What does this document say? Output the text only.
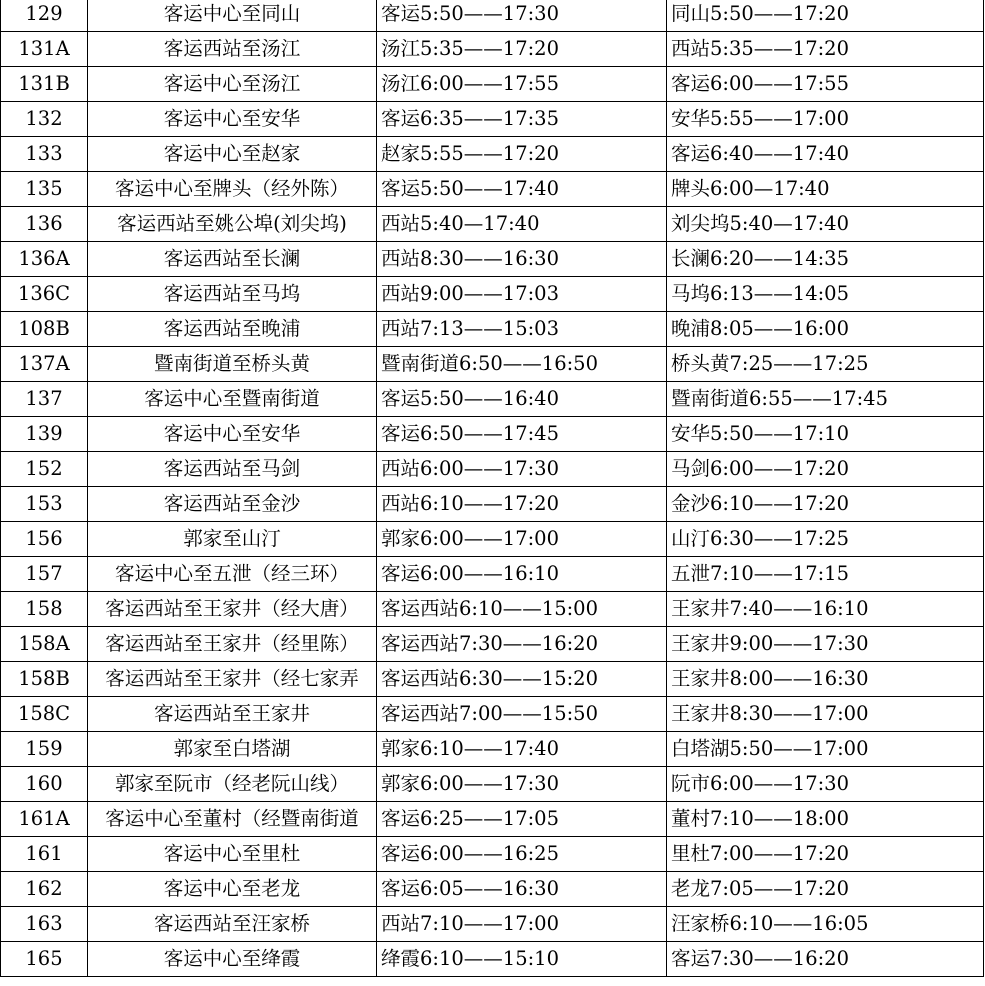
129	客运中心至同山	客运5:50——17:30	同山5:50——17:20
131A	客运西站至汤江	汤江5:35——17:20	西站5:35——17:20
131B	客运中心至汤江	汤江6:00——17:55	客运6:00——17:55
132	客运中心至安华	客运6:35——17:35	安华5:55——17:00
133	客运中心至赵家	赵家5:55——17:20	客运6:40——17:40
135	客运中心至牌头（经外陈）	客运5:50——17:40	牌头6:00—17:40
136	客运西站至姚公埠(刘尖坞)	西站5:40—17:40	刘尖坞5:40—17:40
136A	客运西站至长澜	西站8:30——16:30	长澜6:20——14:35
136C	客运西站至马坞	西站9:00——17:03	马坞6:13——14:05
108B	客运西站至晚浦	西站7:13——15:03	晚浦8:05——16:00
137A	暨南街道至桥头黄	暨南街道6:50——16:50	桥头黄7:25——17:25
137	客运中心至暨南街道	客运5:50——16:40	暨南街道6:55——17:45
139	客运中心至安华	客运6:50——17:45	安华5:50——17:10
152	客运西站至马剑	西站6:00——17:30	马剑6:00——17:20
153	客运西站至金沙	西站6:10——17:20	金沙6:10——17:20
156	郭家至山汀	郭家6:00——17:00	山汀6:30——17:25
157	客运中心至五泄（经三环）	客运6:00——16:10	五泄7:10——17:15
158	客运西站至王家井（经大唐）	客运西站6:10——15:00	王家井7:40——16:10
158A	客运西站至王家井（经里陈）	客运西站7:30——16:20	王家井9:00——17:30
158B	客运西站至王家井（经七家弄	客运西站6:30——15:20	王家井8:00——16:30
158C	客运西站至王家井	客运西站7:00——15:50	王家井8:30——17:00
159	郭家至白塔湖	郭家6:10——17:40	白塔湖5:50——17:00
160	郭家至阮市（经老阮山线）	郭家6:00——17:30	阮市6:00——17:30
161A	客运中心至董村（经暨南街道	客运6:25——17:05	董村7:10——18:00
161	客运中心至里杜	客运6:00——16:25	里杜7:00——17:20
162	客运中心至老龙	客运6:05——16:30	老龙7:05——17:20
163	客运西站至汪家桥	西站7:10——17:00	汪家桥6:10——16:05
165	客运中心至绛霞	绛霞6:10——15:10	客运7:30——16:20
